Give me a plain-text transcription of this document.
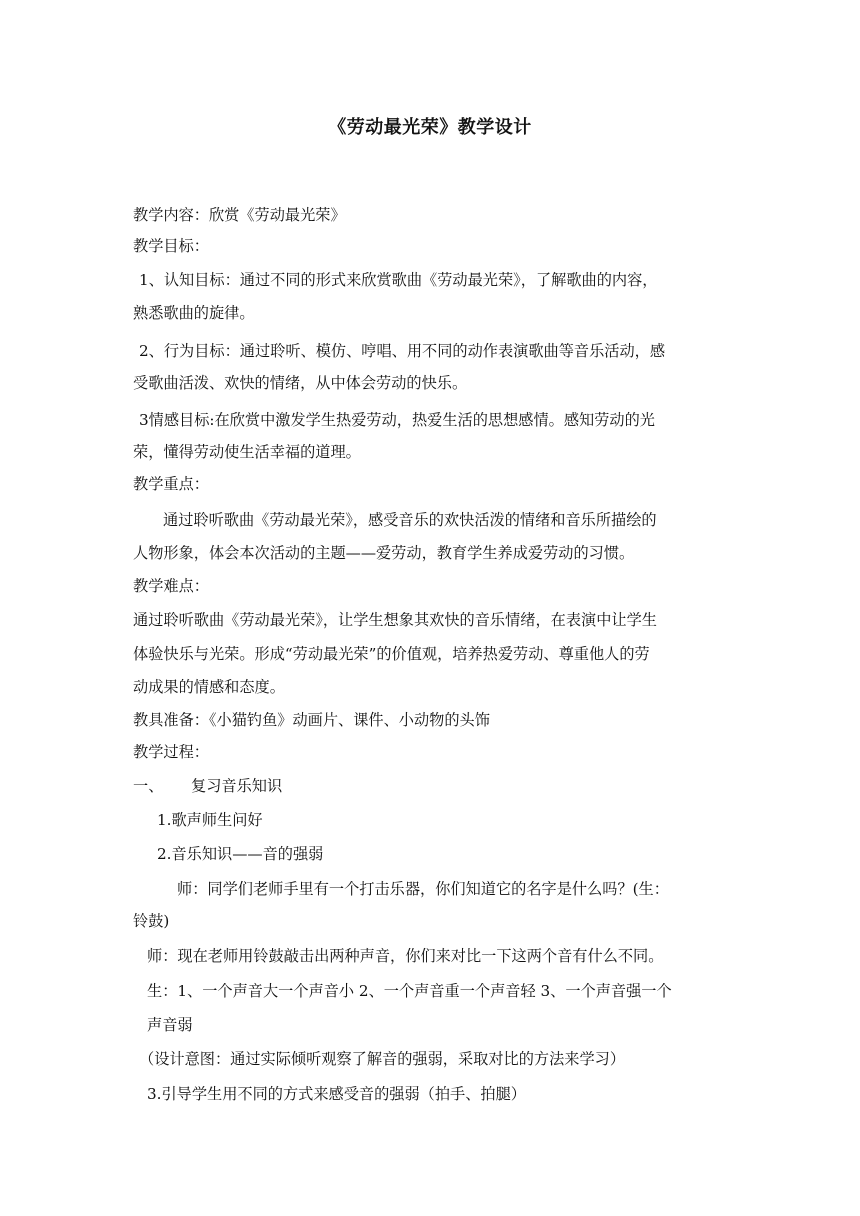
《劳动最光荣》教学设计
教学内容：欣赏《劳动最光荣》
教学目标：
1、认知目标：通过不同的形式来欣赏歌曲《劳动最光荣》，了解歌曲的内容，
熟悉歌曲的旋律。
2、行为目标：通过聆听、模仿、哼唱、用不同的动作表演歌曲等音乐活动，感
受歌曲活泼、欢快的情绪，从中体会劳动的快乐。
3情感目标:在欣赏中激发学生热爱劳动，热爱生活的思想感情。感知劳动的光
荣，懂得劳动使生活幸福的道理。
教学重点：
通过聆听歌曲《劳动最光荣》，感受音乐的欢快活泼的情绪和音乐所描绘的
人物形象，体会本次活动的主题——爱劳动，教育学生养成爱劳动的习惯。
教学难点：
通过聆听歌曲《劳动最光荣》，让学生想象其欢快的音乐情绪，在表演中让学生
体验快乐与光荣。形成“劳动最光荣”的价值观，培养热爱劳动、尊重他人的劳
动成果的情感和态度。
教具准备：《小猫钓鱼》动画片、课件、小动物的头饰
教学过程：
一、 复习音乐知识
1.歌声师生问好
2.音乐知识——音的强弱
师：同学们老师手里有一个打击乐器，你们知道它的名字是什么吗？(生：
铃鼓)
师：现在老师用铃鼓敲击出两种声音，你们来对比一下这两个音有什么不同。
生：1、一个声音大一个声音小 2、一个声音重一个声音轻 3、一个声音强一个
声音弱
（设计意图：通过实际倾听观察了解音的强弱，采取对比的方法来学习）
3.引导学生用不同的方式来感受音的强弱（拍手、拍腿）
